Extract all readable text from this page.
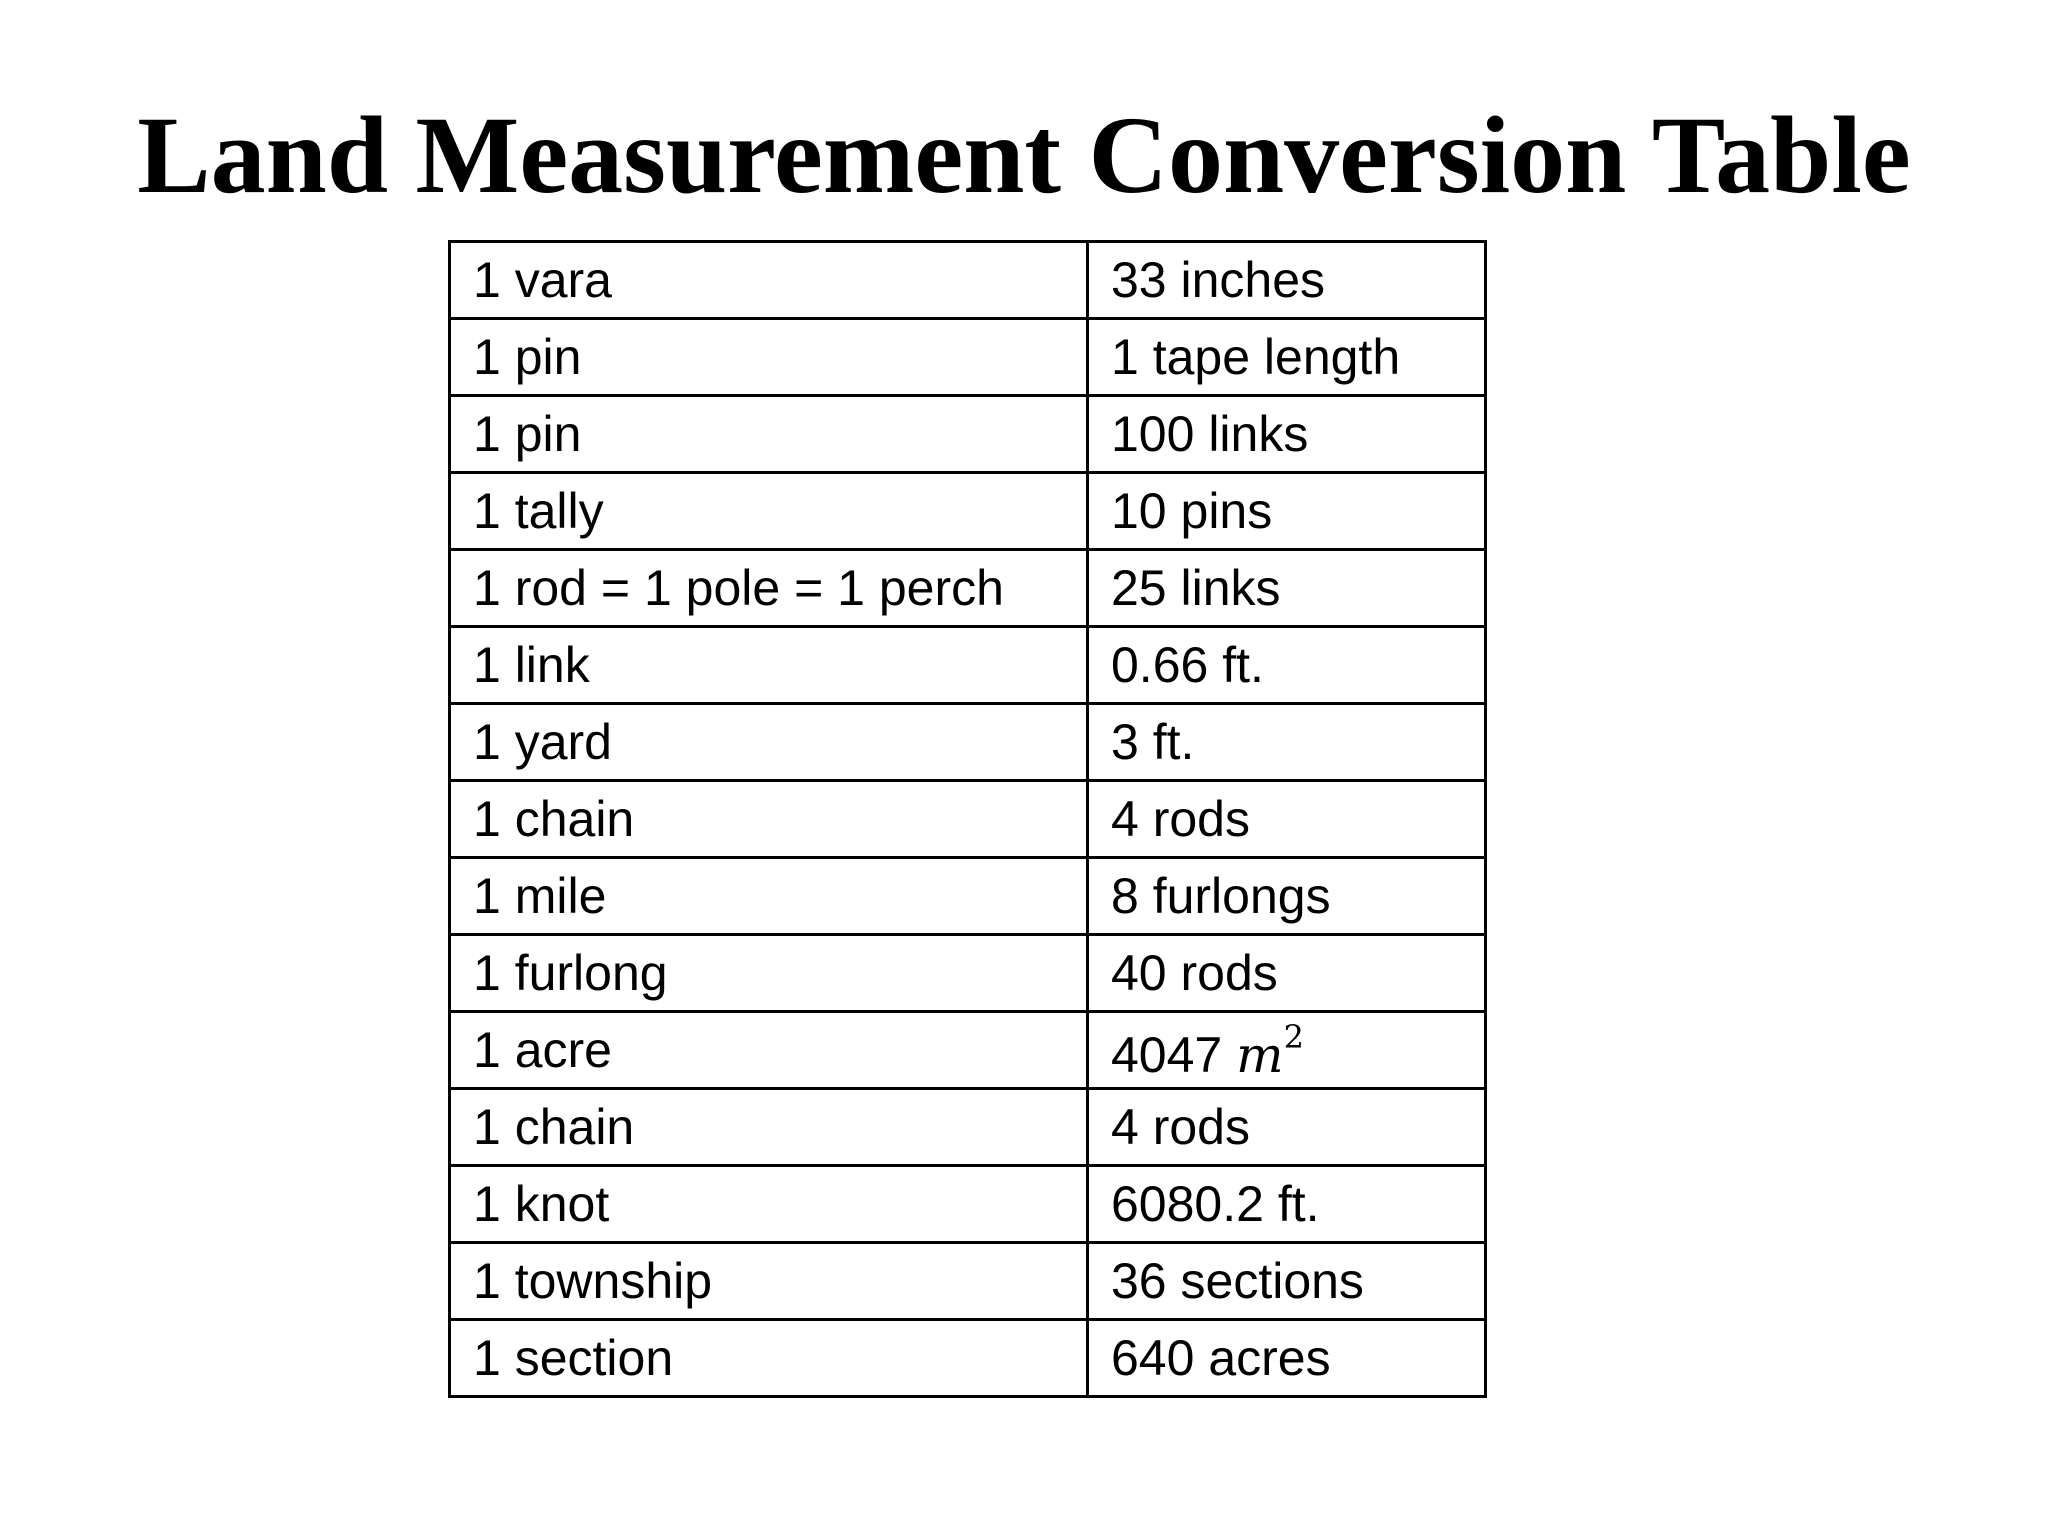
Land Measurement Conversion Table
1 vara	33 inches
1 pin	1 tape length
1 pin	100 links
1 tally	10 pins
1 rod = 1 pole = 1 perch	25 links
1 link	0.66 ft.
1 yard	3 ft.
1 chain	4 rods
1 mile	8 furlongs
1 furlong	40 rods
1 acre	4047 $m^2$
1 chain	4 rods
1 knot	6080.2 ft.
1 township	36 sections
1 section	640 acres
